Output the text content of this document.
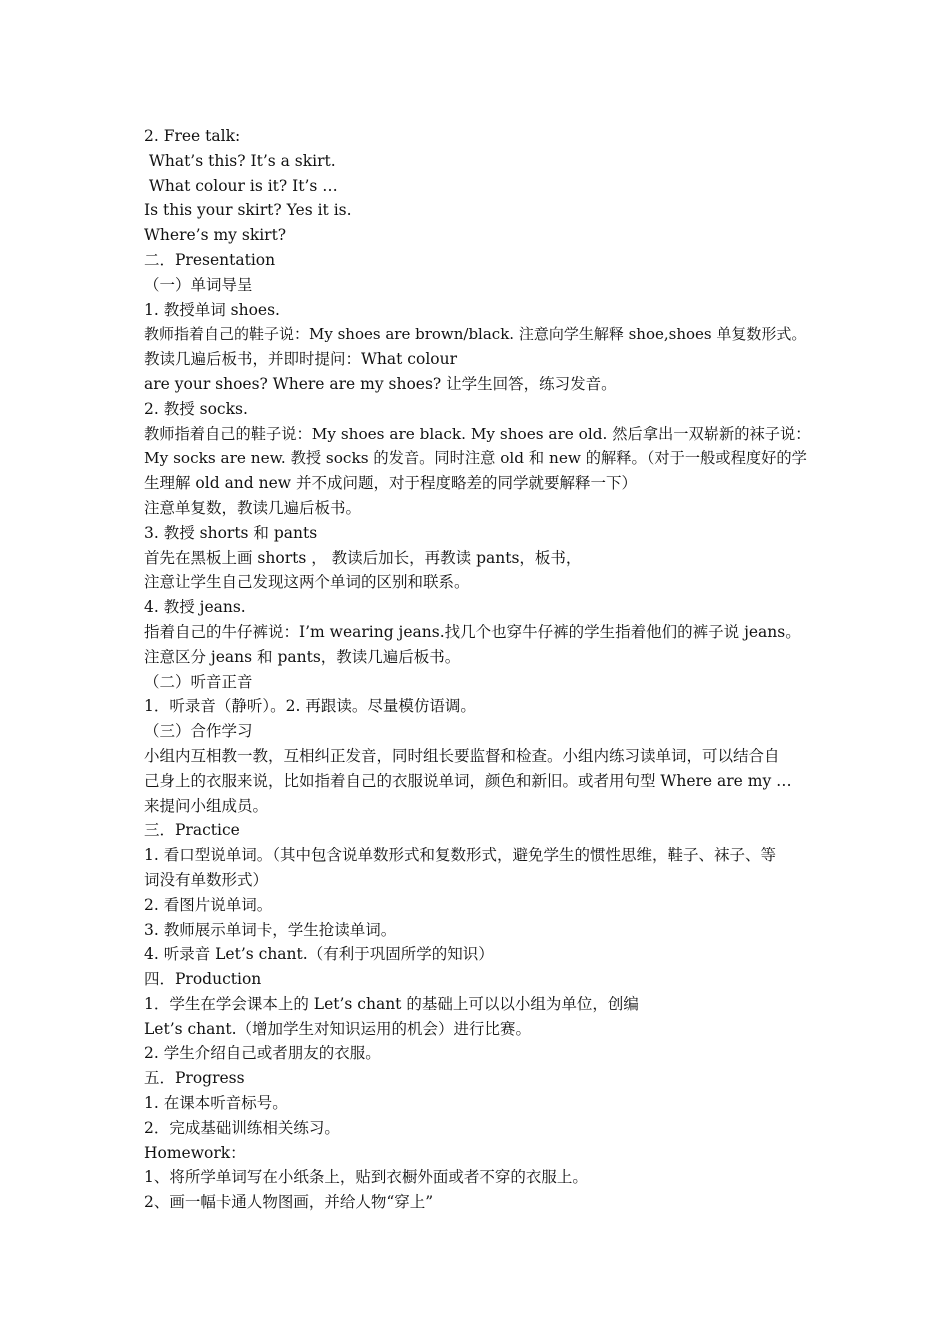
2. Free talk:
What’s this? It’s a skirt.
What colour is it? It’s …
Is this your skirt? Yes it is.
Where’s my skirt?
二．Presentation
（一）单词导呈
1. 教授单词 shoes.
教师指着自己的鞋子说：My shoes are brown/black. 注意向学生解释 shoe,shoes 单复数形式。
教读几遍后板书，并即时提问：What colour
are your shoes? Where are my shoes? 让学生回答，练习发音。
2. 教授 socks.
教师指着自己的鞋子说：My shoes are black. My shoes are old. 然后拿出一双崭新的袜子说：
My socks are new. 教授 socks 的发音。同时注意 old 和 new 的解释。（对于一般或程度好的学
生理解 old and new 并不成问题，对于程度略差的同学就要解释一下）
注意单复数，教读几遍后板书。
3. 教授 shorts 和 pants
首先在黑板上画 shorts ， 教读后加长，再教读 pants，板书，
注意让学生自己发现这两个单词的区别和联系。
4. 教授 jeans.
指着自己的牛仔裤说：I’m wearing jeans.找几个也穿牛仔裤的学生指着他们的裤子说 jeans。
注意区分 jeans 和 pants，教读几遍后板书。
（二）听音正音
1．听录音（静听）。2. 再跟读。尽量模仿语调。
（三）合作学习
小组内互相教一教，互相纠正发音，同时组长要监督和检查。小组内练习读单词，可以结合自
己身上的衣服来说，比如指着自己的衣服说单词，颜色和新旧。或者用句型 Where are my …
来提问小组成员。
三．Practice
1. 看口型说单词。（其中包含说单数形式和复数形式，避免学生的惯性思维，鞋子、袜子、等
词没有单数形式）
2. 看图片说单词。
3. 教师展示单词卡，学生抢读单词。
4. 听录音 Let’s chant.（有利于巩固所学的知识）
四．Production
1．学生在学会课本上的 Let’s chant 的基础上可以以小组为单位，创编
Let’s chant.（增加学生对知识运用的机会）进行比赛。
2. 学生介绍自己或者朋友的衣服。
五．Progress
1. 在课本听音标号。
2．完成基础训练相关练习。
Homework：
1、将所学单词写在小纸条上，贴到衣橱外面或者不穿的衣服上。
2、画一幅卡通人物图画，并给人物“穿上”
